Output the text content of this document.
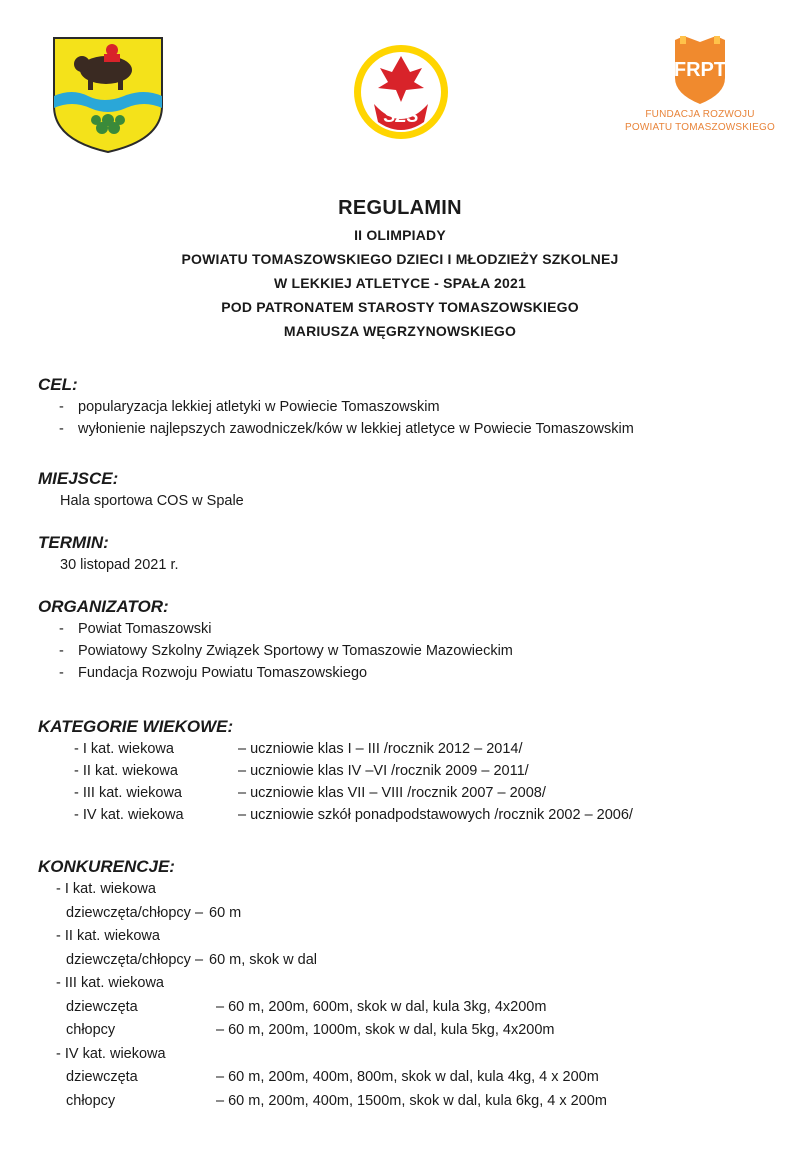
SZS
FRPT
FUNDACJA ROZWOJU
POWIATU TOMASZOWSKIEGO
REGULAMIN
II OLIMPIADY
POWIATU TOMASZOWSKIEGO DZIECI I MŁODZIEŻY SZKOLNEJ
W LEKKIEJ ATLETYCE - SPAŁA 2021
POD PATRONATEM STAROSTY TOMASZOWSKIEGO
MARIUSZA WĘGRZYNOWSKIEGO
CEL:
- popularyzacja lekkiej atletyki w Powiecie Tomaszowskim
- wyłonienie najlepszych zawodniczek/ków w lekkiej atletyce w Powiecie Tomaszowskim
MIEJSCE:
Hala sportowa COS w Spale
TERMIN:
30 listopad 2021 r.
ORGANIZATOR:
- Powiat Tomaszowski
- Powiatowy Szkolny Związek Sportowy w Tomaszowie Mazowieckim
- Fundacja Rozwoju Powiatu Tomaszowskiego
KATEGORIE WIEKOWE:
- I kat. wiekowa	– uczniowie klas I – III /rocznik 2012 – 2014/
- II kat. wiekowa	– uczniowie klas IV –VI /rocznik 2009 – 2011/
- III kat. wiekowa	– uczniowie klas VII – VIII /rocznik 2007 – 2008/
- IV kat. wiekowa	– uczniowie szkół ponadpodstawowych /rocznik 2002 – 2006/
KONKURENCJE:
- I kat. wiekowa
dziewczęta/chłopcy – 60 m
- II kat. wiekowa
dziewczęta/chłopcy – 60 m, skok w dal
- III kat. wiekowa
dziewczęta	– 60 m, 200m, 600m, skok w dal, kula 3kg, 4x200m
chłopcy	– 60 m, 200m, 1000m, skok w dal, kula 5kg, 4x200m
- IV kat. wiekowa
dziewczęta	– 60 m, 200m, 400m, 800m, skok w dal, kula 4kg, 4 x 200m
chłopcy	– 60 m, 200m, 400m, 1500m, skok w dal, kula 6kg, 4 x 200m
